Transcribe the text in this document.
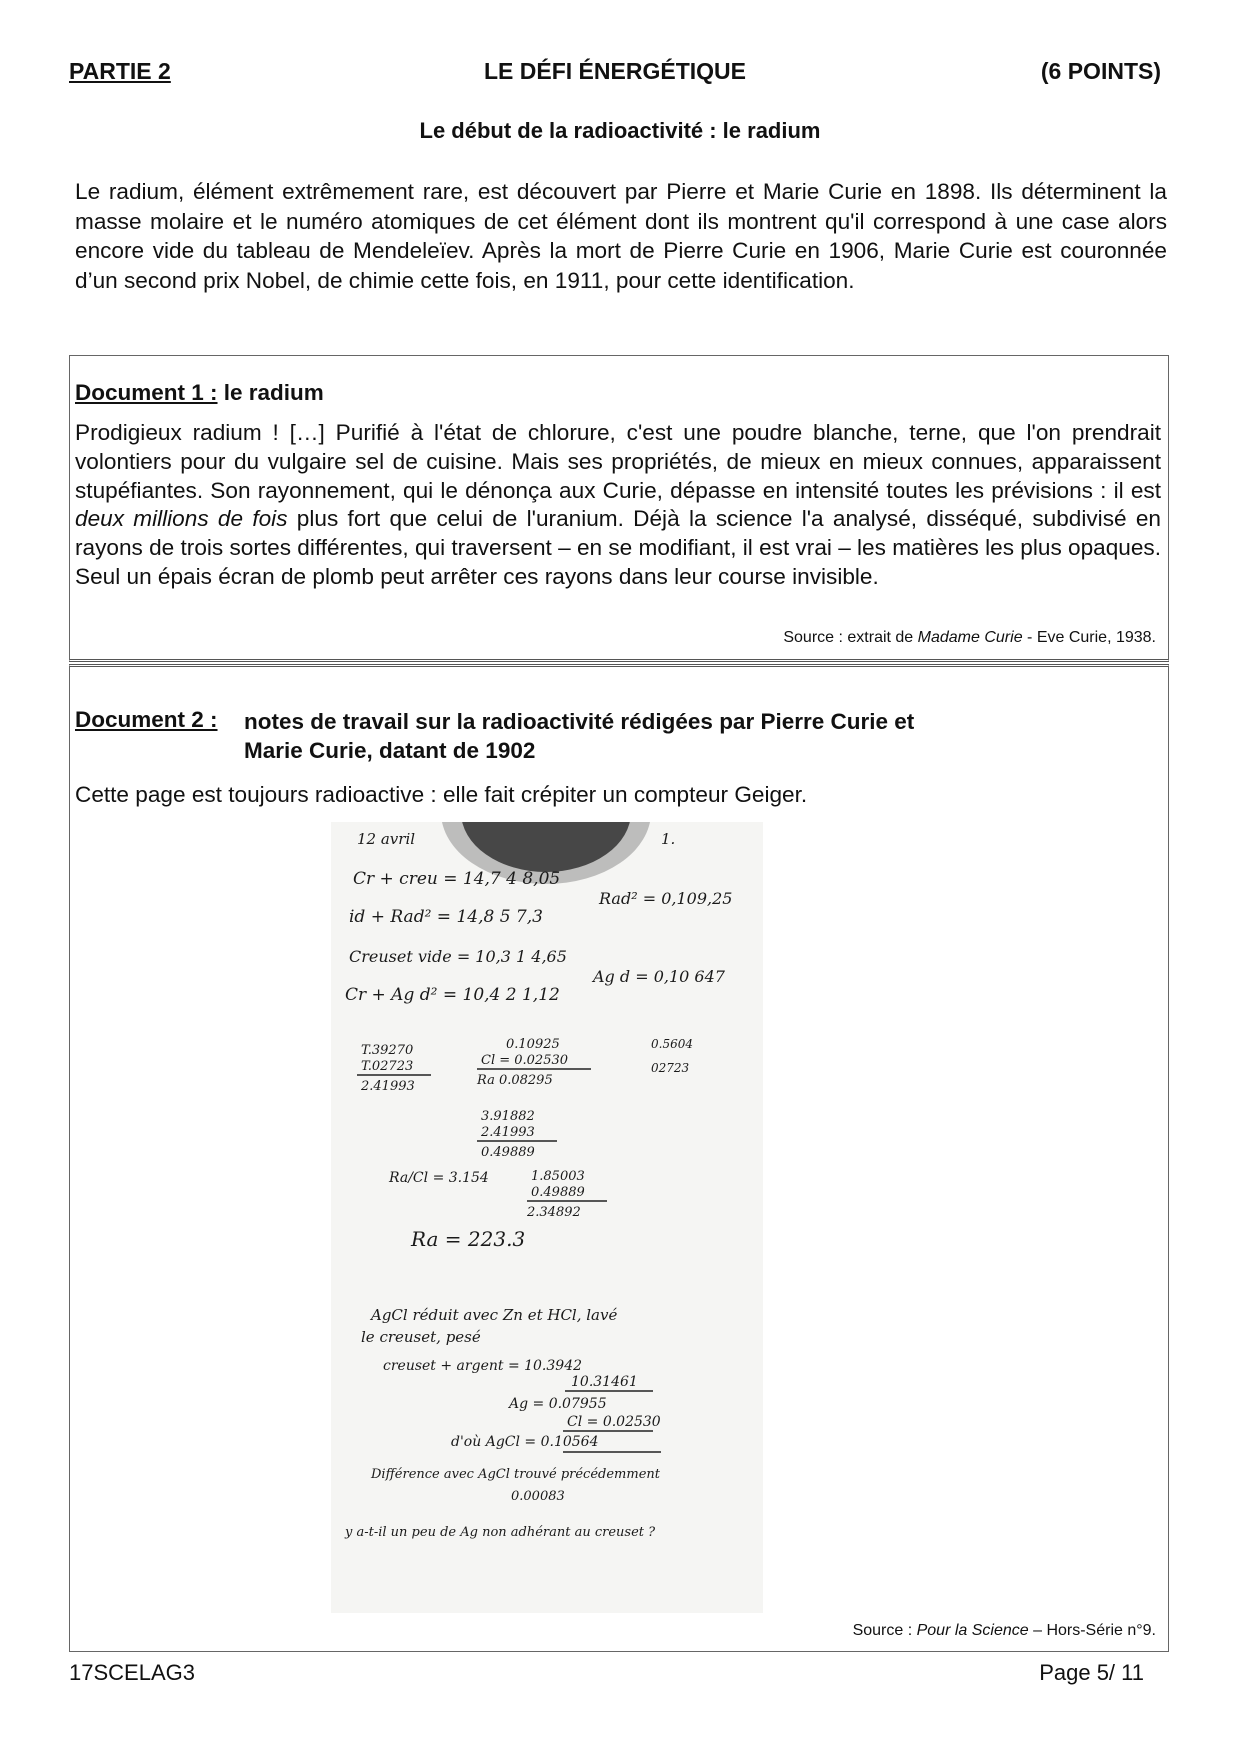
PARTIE 2	LE DÉFI ÉNERGÉTIQUE	(6 POINTS)
Le début de la radioactivité : le radium
Le radium, élément extrêmement rare, est découvert par Pierre et Marie Curie en 1898. Ils déterminent la masse molaire et le numéro atomiques de cet élément dont ils montrent qu'il correspond à une case alors encore vide du tableau de Mendeleïev. Après la mort de Pierre Curie en 1906, Marie Curie est couronnée d’un second prix Nobel, de chimie cette fois, en 1911, pour cette identification.
Document 1 : le radium
Prodigieux radium ! […] Purifié à l'état de chlorure, c'est une poudre blanche, terne, que l'on prendrait volontiers pour du vulgaire sel de cuisine. Mais ses propriétés, de mieux en mieux connues, apparaissent stupéfiantes. Son rayonnement, qui le dénonça aux Curie, dépasse en intensité toutes les prévisions : il est deux millions de fois plus fort que celui de l'uranium. Déjà la science l'a analysé, disséqué, subdivisé en rayons de trois sortes différentes, qui traversent – en se modifiant, il est vrai – les matières les plus opaques. Seul un épais écran de plomb peut arrêter ces rayons dans leur course invisible.
Source : extrait de Madame Curie - Eve Curie, 1938.
Document 2 : notes de travail sur la radioactivité rédigées par Pierre Curie et
Marie Curie, datant de 1902
Cette page est toujours radioactive : elle fait crépiter un compteur Geiger.
12 avril	1.
Cr + creu = 14,7 4 8,05
Rad² = 0,109,25
id + Rad² = 14,8 5 7,3
Creuset vide = 10,3 1 4,65
Ag d = 0,10 647
Cr + Ag d² = 10,4 2 1,12
T.39270
T.02723
2.41993
0.10925
Cl = 0.02530
Ra 0.08295
0.5604
02723
3.91882
2.41993
0.49889
Ra/Cl = 3.154	1.85003
0.49889
2.34892
Ra = 223.3
AgCl réduit avec Zn et HCl, lavé
le creuset, pesé
creuset + argent = 10.3942
10.31461
Ag = 0.07955
Cl = 0.02530
d'où AgCl = 0.10564
Différence avec AgCl trouvé précédemment
0.00083
y a-t-il un peu de Ag non adhérant au creuset ?
Source : Pour la Science – Hors-Série n°9.
17SCELAG3	Page 5/ 11
